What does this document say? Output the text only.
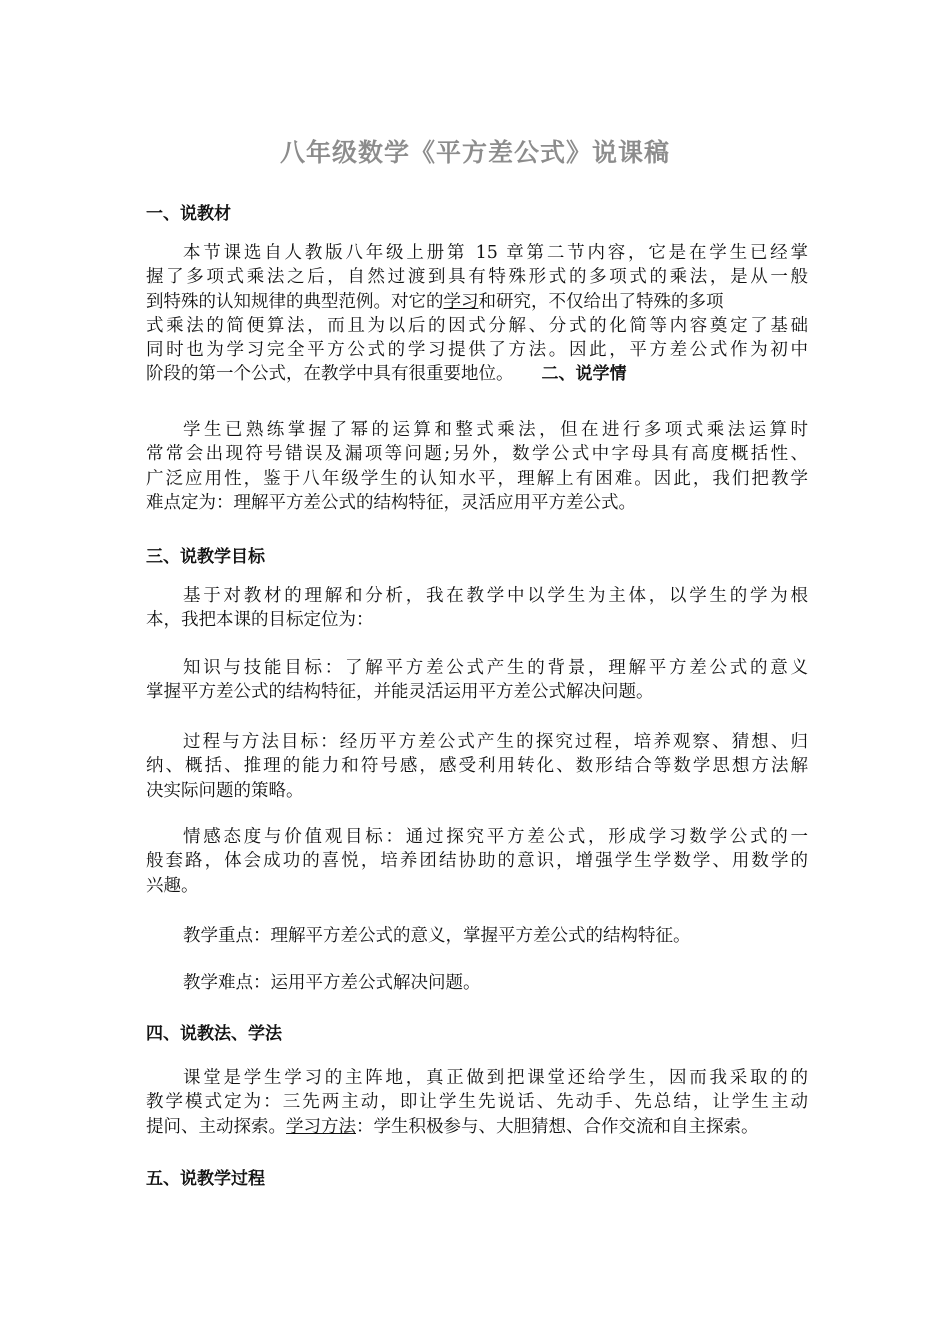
八年级数学《平方差公式》说课稿
一、说教材
本节课选自人教版八年级上册第 15 章第二节内容，它是在学生已经掌
握了多项式乘法之后，自然过渡到具有特殊形式的多项式的乘法，是从一般
到特殊的认知规律的典型范例。对它的学习和研究，不仅给出了特殊的多项
式乘法的简便算法，而且为以后的因式分解、分式的化简等内容奠定了基础
同时也为学习完全平方公式的学习提供了方法。因此，平方差公式作为初中
阶段的第一个公式，在教学中具有很重要地位。 二、说学情
学生已熟练掌握了幂的运算和整式乘法，但在进行多项式乘法运算时
常常会出现符号错误及漏项等问题;另外，数学公式中字母具有高度概括性、
广泛应用性，鉴于八年级学生的认知水平，理解上有困难。因此，我们把教学
难点定为：理解平方差公式的结构特征，灵活应用平方差公式。
三、说教学目标
基于对教材的理解和分析，我在教学中以学生为主体，以学生的学为根
本，我把本课的目标定位为：
知识与技能目标：了解平方差公式产生的背景，理解平方差公式的意义
掌握平方差公式的结构特征，并能灵活运用平方差公式解决问题。
过程与方法目标：经历平方差公式产生的探究过程，培养观察、猜想、归
纳、概括、推理的能力和符号感，感受利用转化、数形结合等数学思想方法解
决实际问题的策略。
情感态度与价值观目标：通过探究平方差公式，形成学习数学公式的一
般套路，体会成功的喜悦，培养团结协助的意识，增强学生学数学、用数学的
兴趣。
教学重点：理解平方差公式的意义，掌握平方差公式的结构特征。
教学难点：运用平方差公式解决问题。
四、说教法、学法
课堂是学生学习的主阵地，真正做到把课堂还给学生，因而我采取的的
教学模式定为：三先两主动，即让学生先说话、先动手、先总结，让学生主动
提问、主动探索。学习方法：学生积极参与、大胆猜想、合作交流和自主探索。
五、说教学过程
